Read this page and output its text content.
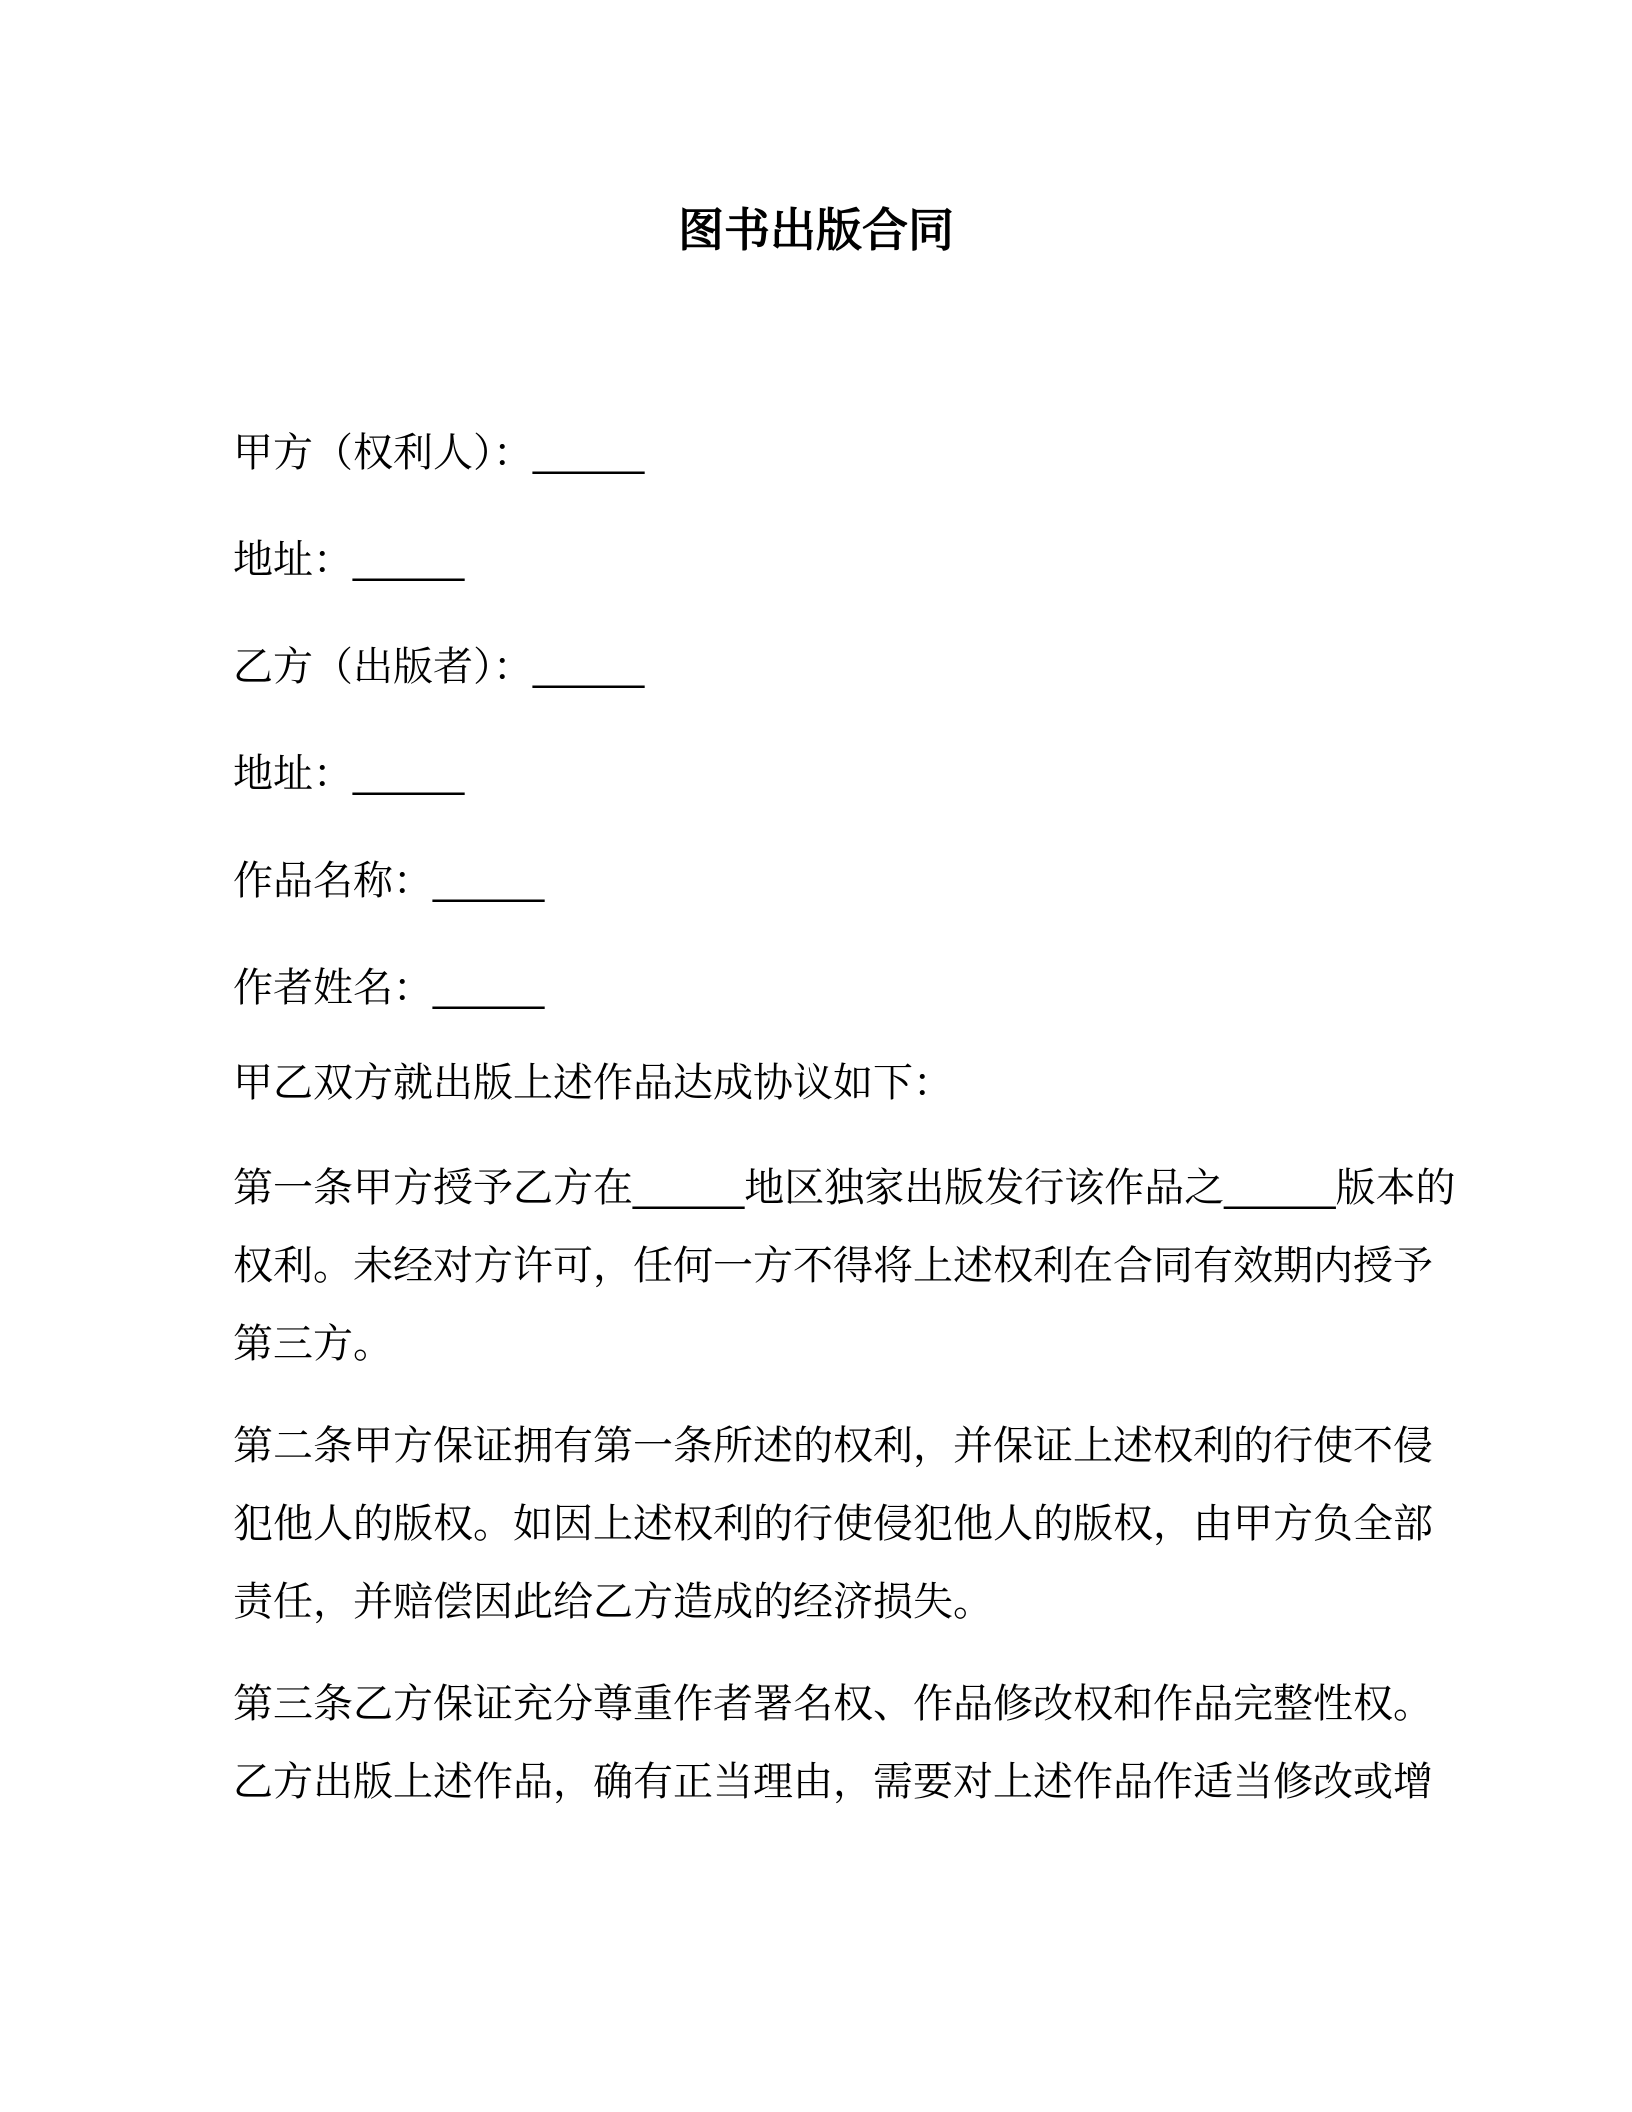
图书出版合同
甲方（权利人）：_____
地址：_____
乙方（出版者）：_____
地址：_____
作品名称：_____
作者姓名：_____
甲乙双方就出版上述作品达成协议如下：
第一条甲方授予乙方在_____地区独家出版发行该作品之_____版本的
权利。未经对方许可，任何一方不得将上述权利在合同有效期内授予
第三方。
第二条甲方保证拥有第一条所述的权利，并保证上述权利的行使不侵
犯他人的版权。如因上述权利的行使侵犯他人的版权，由甲方负全部
责任，并赔偿因此给乙方造成的经济损失。
第三条乙方保证充分尊重作者署名权、作品修改权和作品完整性权。
乙方出版上述作品，确有正当理由，需要对上述作品作适当修改或增
